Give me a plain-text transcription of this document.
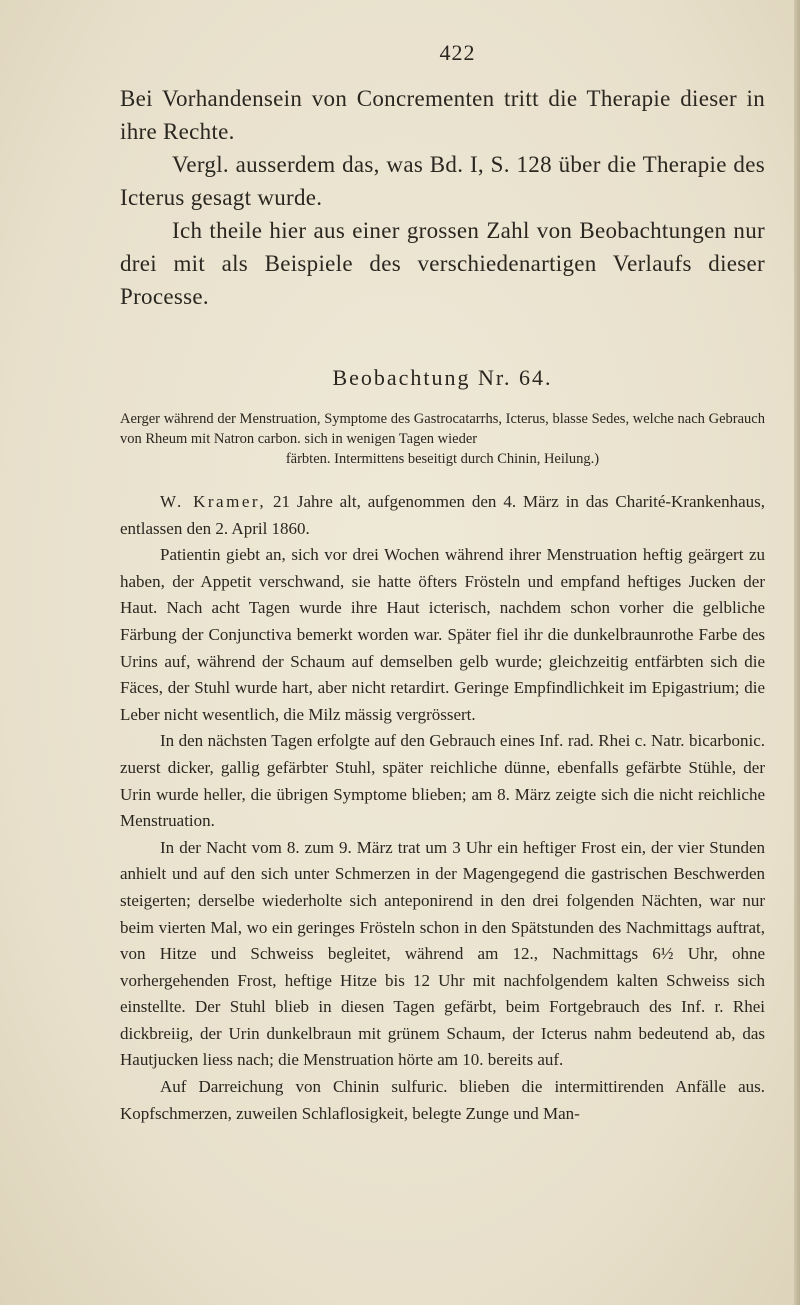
422

Bei Vorhandensein von Concrementen tritt die Therapie dieser in ihre Rechte.

Vergl. ausserdem das, was Bd. I, S. 128 über die Therapie des Icterus gesagt wurde.

Ich theile hier aus einer grossen Zahl von Beobachtungen nur drei mit als Beispiele des verschiedenartigen Verlaufs dieser Processe.

Beobachtung Nr. 64.
Aerger während der Menstruation, Symptome des Gastrocatarrhs, Icterus, blasse Sedes, welche nach Gebrauch von Rheum mit Natron carbon. sich in wenigen Tagen wieder
färbten. Intermittens beseitigt durch Chinin, Heilung.)

W. Kramer, 21 Jahre alt, aufgenommen den 4. März in das Charité-Krankenhaus, entlassen den 2. April 1860.

Patientin giebt an, sich vor drei Wochen während ihrer Menstruation heftig geärgert zu haben, der Appetit verschwand, sie hatte öfters Frösteln und empfand heftiges Jucken der Haut. Nach acht Tagen wurde ihre Haut icterisch, nachdem schon vorher die gelbliche Färbung der Conjunctiva bemerkt worden war. Später fiel ihr die dunkelbraunrothe Farbe des Urins auf, während der Schaum auf demselben gelb wurde; gleichzeitig entfärbten sich die Fäces, der Stuhl wurde hart, aber nicht retardirt. Geringe Empfindlichkeit im Epigastrium; die Leber nicht wesentlich, die Milz mässig vergrössert.

In den nächsten Tagen erfolgte auf den Gebrauch eines Inf. rad. Rhei c. Natr. bicarbonic. zuerst dicker, gallig gefärbter Stuhl, später reichliche dünne, ebenfalls gefärbte Stühle, der Urin wurde heller, die übrigen Symptome blieben; am 8. März zeigte sich die nicht reichliche Menstruation.

In der Nacht vom 8. zum 9. März trat um 3 Uhr ein heftiger Frost ein, der vier Stunden anhielt und auf den sich unter Schmerzen in der Magengegend die gastrischen Beschwerden steigerten; derselbe wiederholte sich anteponirend in den drei folgenden Nächten, war nur beim vierten Mal, wo ein geringes Frösteln schon in den Spätstunden des Nachmittags auftrat, von Hitze und Schweiss begleitet, während am 12., Nachmittags 6½ Uhr, ohne vorhergehenden Frost, heftige Hitze bis 12 Uhr mit nachfolgendem kalten Schweiss sich einstellte. Der Stuhl blieb in diesen Tagen gefärbt, beim Fortgebrauch des Inf. r. Rhei dickbreiig, der Urin dunkelbraun mit grünem Schaum, der Icterus nahm bedeutend ab, das Hautjucken liess nach; die Menstruation hörte am 10. bereits auf.

Auf Darreichung von Chinin sulfuric. blieben die intermittirenden Anfälle aus. Kopfschmerzen, zuweilen Schlaflosigkeit, belegte Zunge und Man-
